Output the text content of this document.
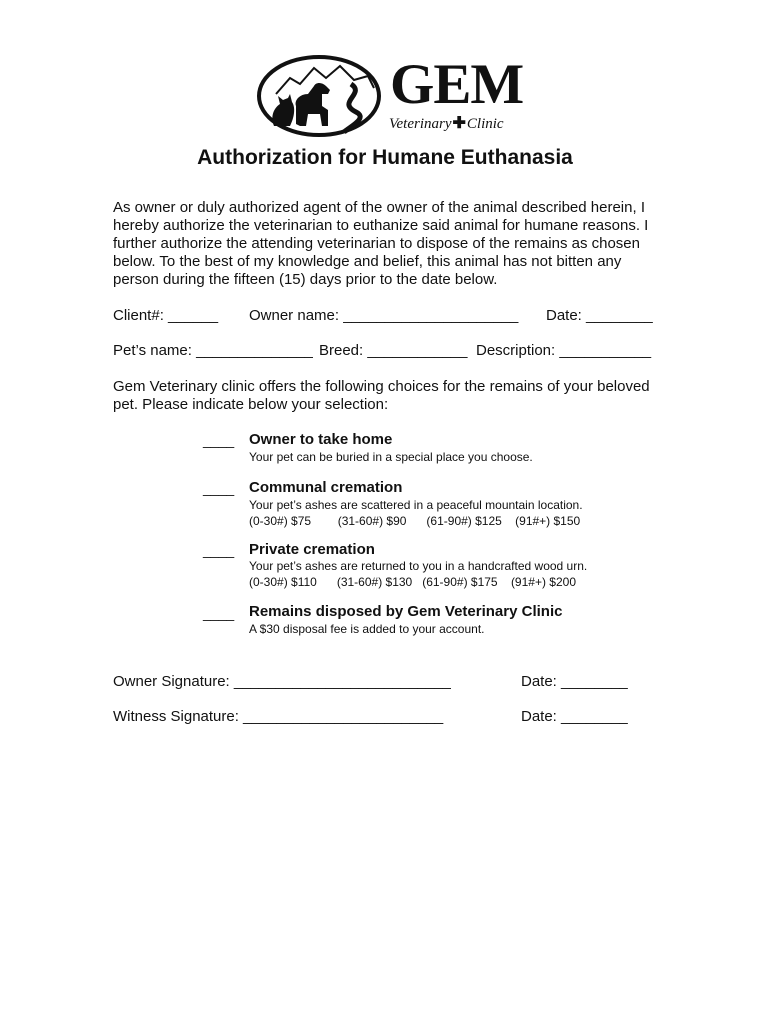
GEM
Veterinary✚Clinic
Authorization for Humane Euthanasia
As owner or duly authorized agent of the owner of the animal described herein, I
hereby authorize the veterinarian to euthanize said animal for humane reasons. I
further authorize the attending veterinarian to dispose of the remains as chosen
below. To the best of my knowledge and belief, this animal has not bitten any
person during the fifteen (15) days prior to the date below.
Client#: ______ Owner name: _____________________ Date: ________
Pet’s name: ______________ Breed: ____________ Description: ___________
Gem Veterinary clinic offers the following choices for the remains of your beloved
pet. Please indicate below your selection:
____ Owner to take home
Your pet can be buried in a special place you choose.
____ Communal cremation
Your pet’s ashes are scattered in a peaceful mountain location.
(0-30#) $75        (31-60#) $90      (61-90#) $125    (91#+) $150
____ Private cremation
Your pet’s ashes are returned to you in a handcrafted wood urn.
(0-30#) $110      (31-60#) $130   (61-90#) $175    (91#+) $200
____ Remains disposed by Gem Veterinary Clinic
A $30 disposal fee is added to your account.
Owner Signature: __________________________	Date: ________
Witness Signature: ________________________	Date: ________
